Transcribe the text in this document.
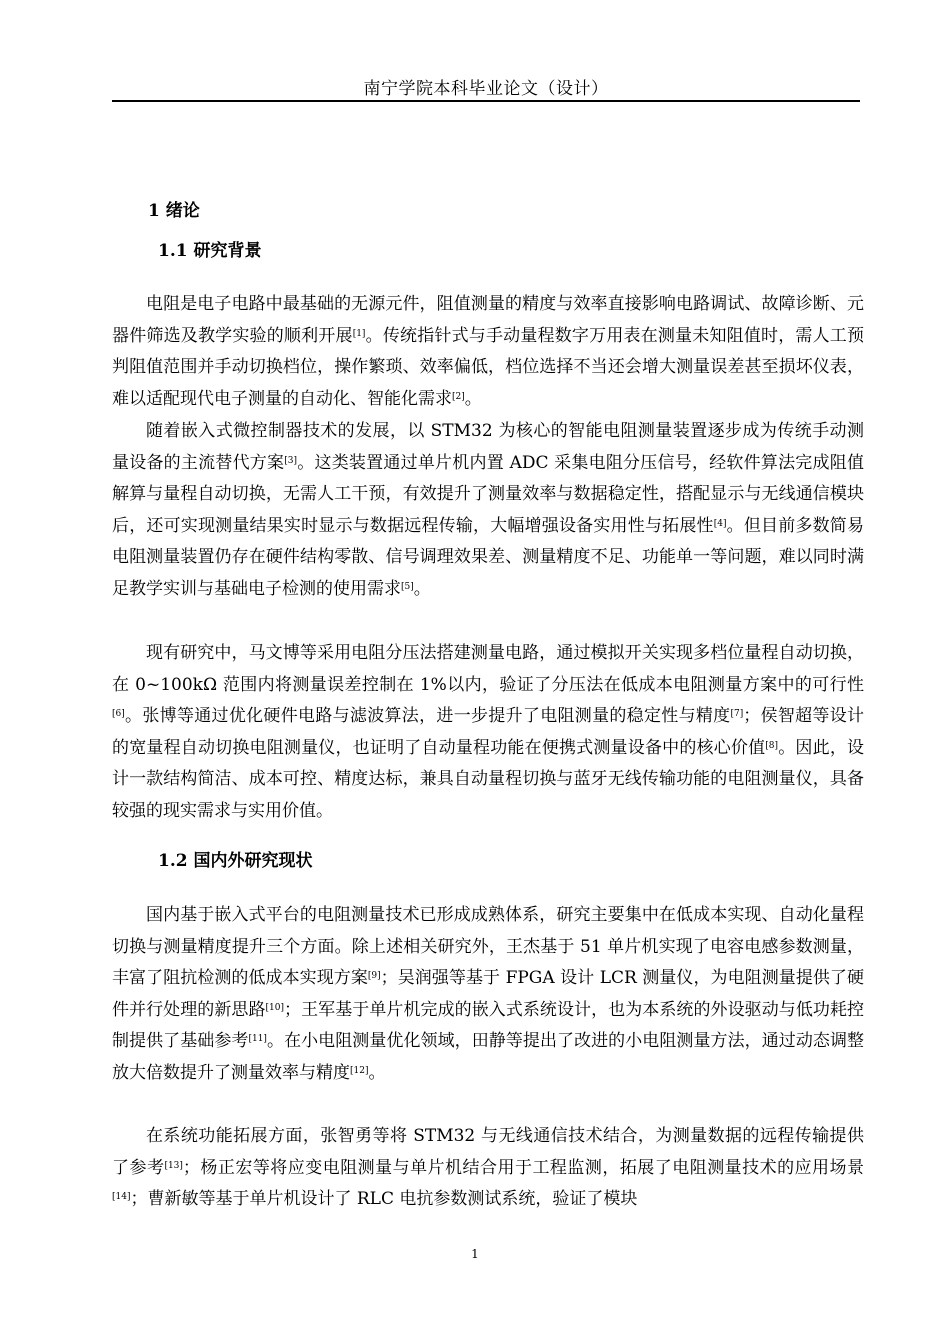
南宁学院本科毕业论文（设计）
1 绪论
1.1 研究背景

电阻是电子电路中最基础的无源元件，阻值测量的精度与效率直接影响电路调试、故障诊断、元器件筛选及教学实验的顺利开展[1]。传统指针式与手动量程数字万用表在测量未知阻值时，需人工预判阻值范围并手动切换档位，操作繁琐、效率偏低，档位选择不当还会增大测量误差甚至损坏仪表，难以适配现代电子测量的自动化、智能化需求[2]。

随着嵌入式微控制器技术的发展，以 STM32 为核心的智能电阻测量装置逐步成为传统手动测量设备的主流替代方案[3]。这类装置通过单片机内置 ADC 采集电阻分压信号，经软件算法完成阻值解算与量程自动切换，无需人工干预，有效提升了测量效率与数据稳定性，搭配显示与无线通信模块后，还可实现测量结果实时显示与数据远程传输，大幅增强设备实用性与拓展性[4]。但目前多数简易电阻测量装置仍存在硬件结构零散、信号调理效果差、测量精度不足、功能单一等问题，难以同时满足教学实训与基础电子检测的使用需求[5]。

现有研究中，马文博等采用电阻分压法搭建测量电路，通过模拟开关实现多档位量程自动切换，在 0~100kΩ 范围内将测量误差控制在 1%以内，验证了分压法在低成本电阻测量方案中的可行性[6]。张博等通过优化硬件电路与滤波算法，进一步提升了电阻测量的稳定性与精度[7]；侯智超等设计的宽量程自动切换电阻测量仪，也证明了自动量程功能在便携式测量设备中的核心价值[8]。因此，设计一款结构简洁、成本可控、精度达标，兼具自动量程切换与蓝牙无线传输功能的电阻测量仪，具备较强的现实需求与实用价值。

1.2 国内外研究现状

国内基于嵌入式平台的电阻测量技术已形成成熟体系，研究主要集中在低成本实现、自动化量程切换与测量精度提升三个方面。除上述相关研究外，王杰基于 51 单片机实现了电容电感参数测量，丰富了阻抗检测的低成本实现方案[9]；吴润强等基于 FPGA 设计 LCR 测量仪，为电阻测量提供了硬件并行处理的新思路[10]；王军基于单片机完成的嵌入式系统设计，也为本系统的外设驱动与低功耗控制提供了基础参考[11]。在小电阻测量优化领域，田静等提出了改进的小电阻测量方法，通过动态调整放大倍数提升了测量效率与精度[12]。

在系统功能拓展方面，张智勇等将 STM32 与无线通信技术结合，为测量数据的远程传输提供了参考[13]；杨正宏等将应变电阻测量与单片机结合用于工程监测，拓展了电阻测量技术的应用场景[14]；曹新敏等基于单片机设计了 RLC 电抗参数测试系统，验证了模块

1
